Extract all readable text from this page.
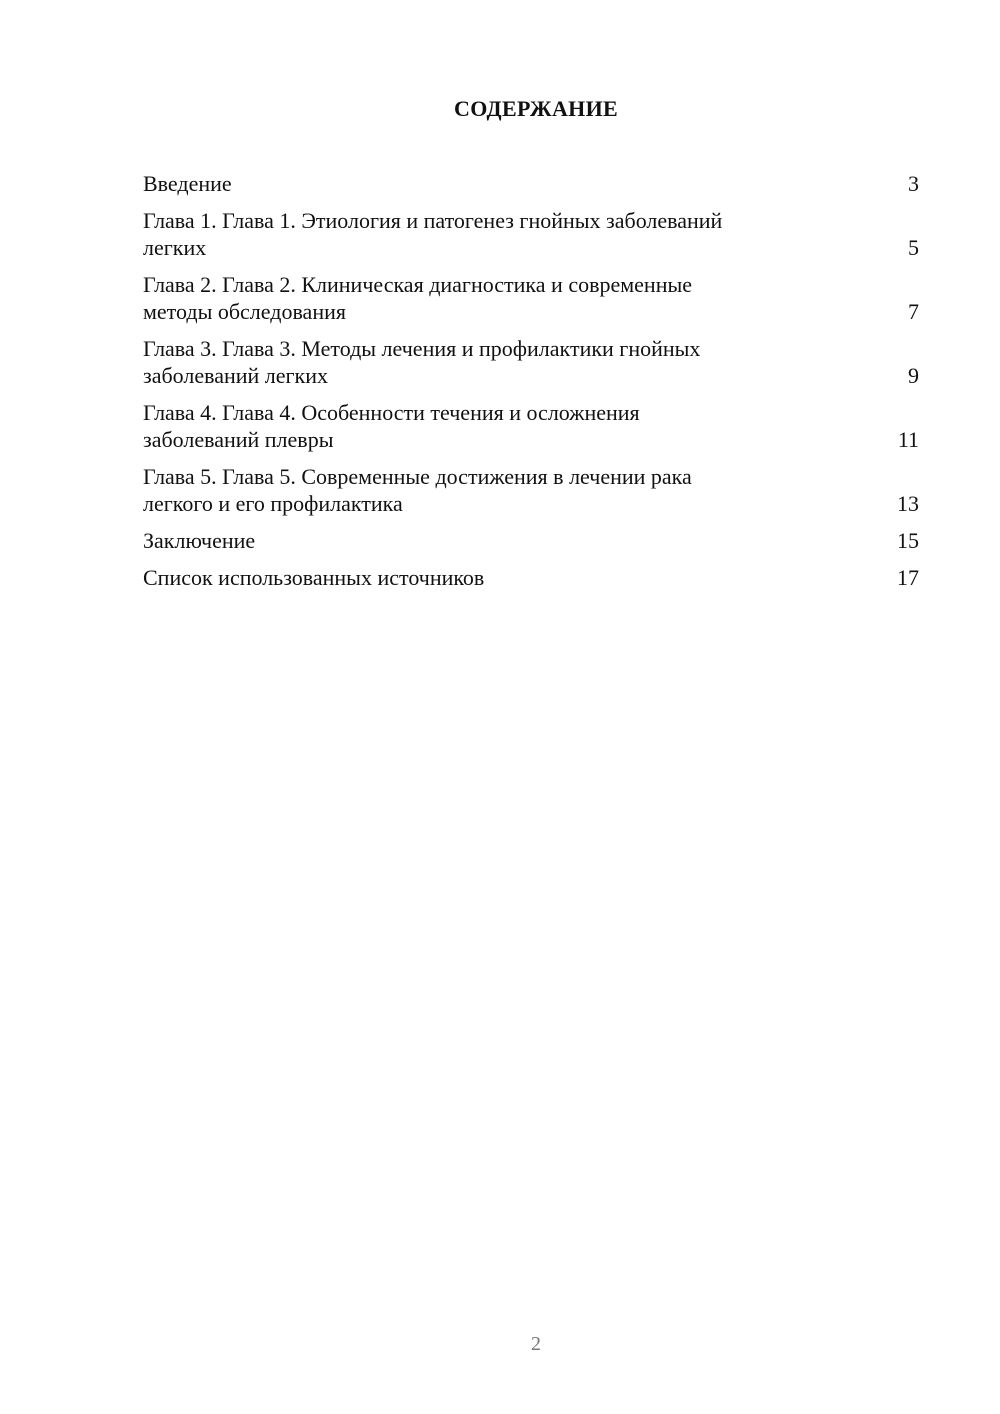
СОДЕРЖАНИЕ
Введение	3
Глава 1. Глава 1. Этиология и патогенез гнойных заболеваний
легких	5
Глава 2. Глава 2. Клиническая диагностика и современные
методы обследования	7
Глава 3. Глава 3. Методы лечения и профилактики гнойных
заболеваний легких	9
Глава 4. Глава 4. Особенности течения и осложнения
заболеваний плевры	11
Глава 5. Глава 5. Современные достижения в лечении рака
легкого и его профилактика	13
Заключение	15
Список использованных источников	17
2
